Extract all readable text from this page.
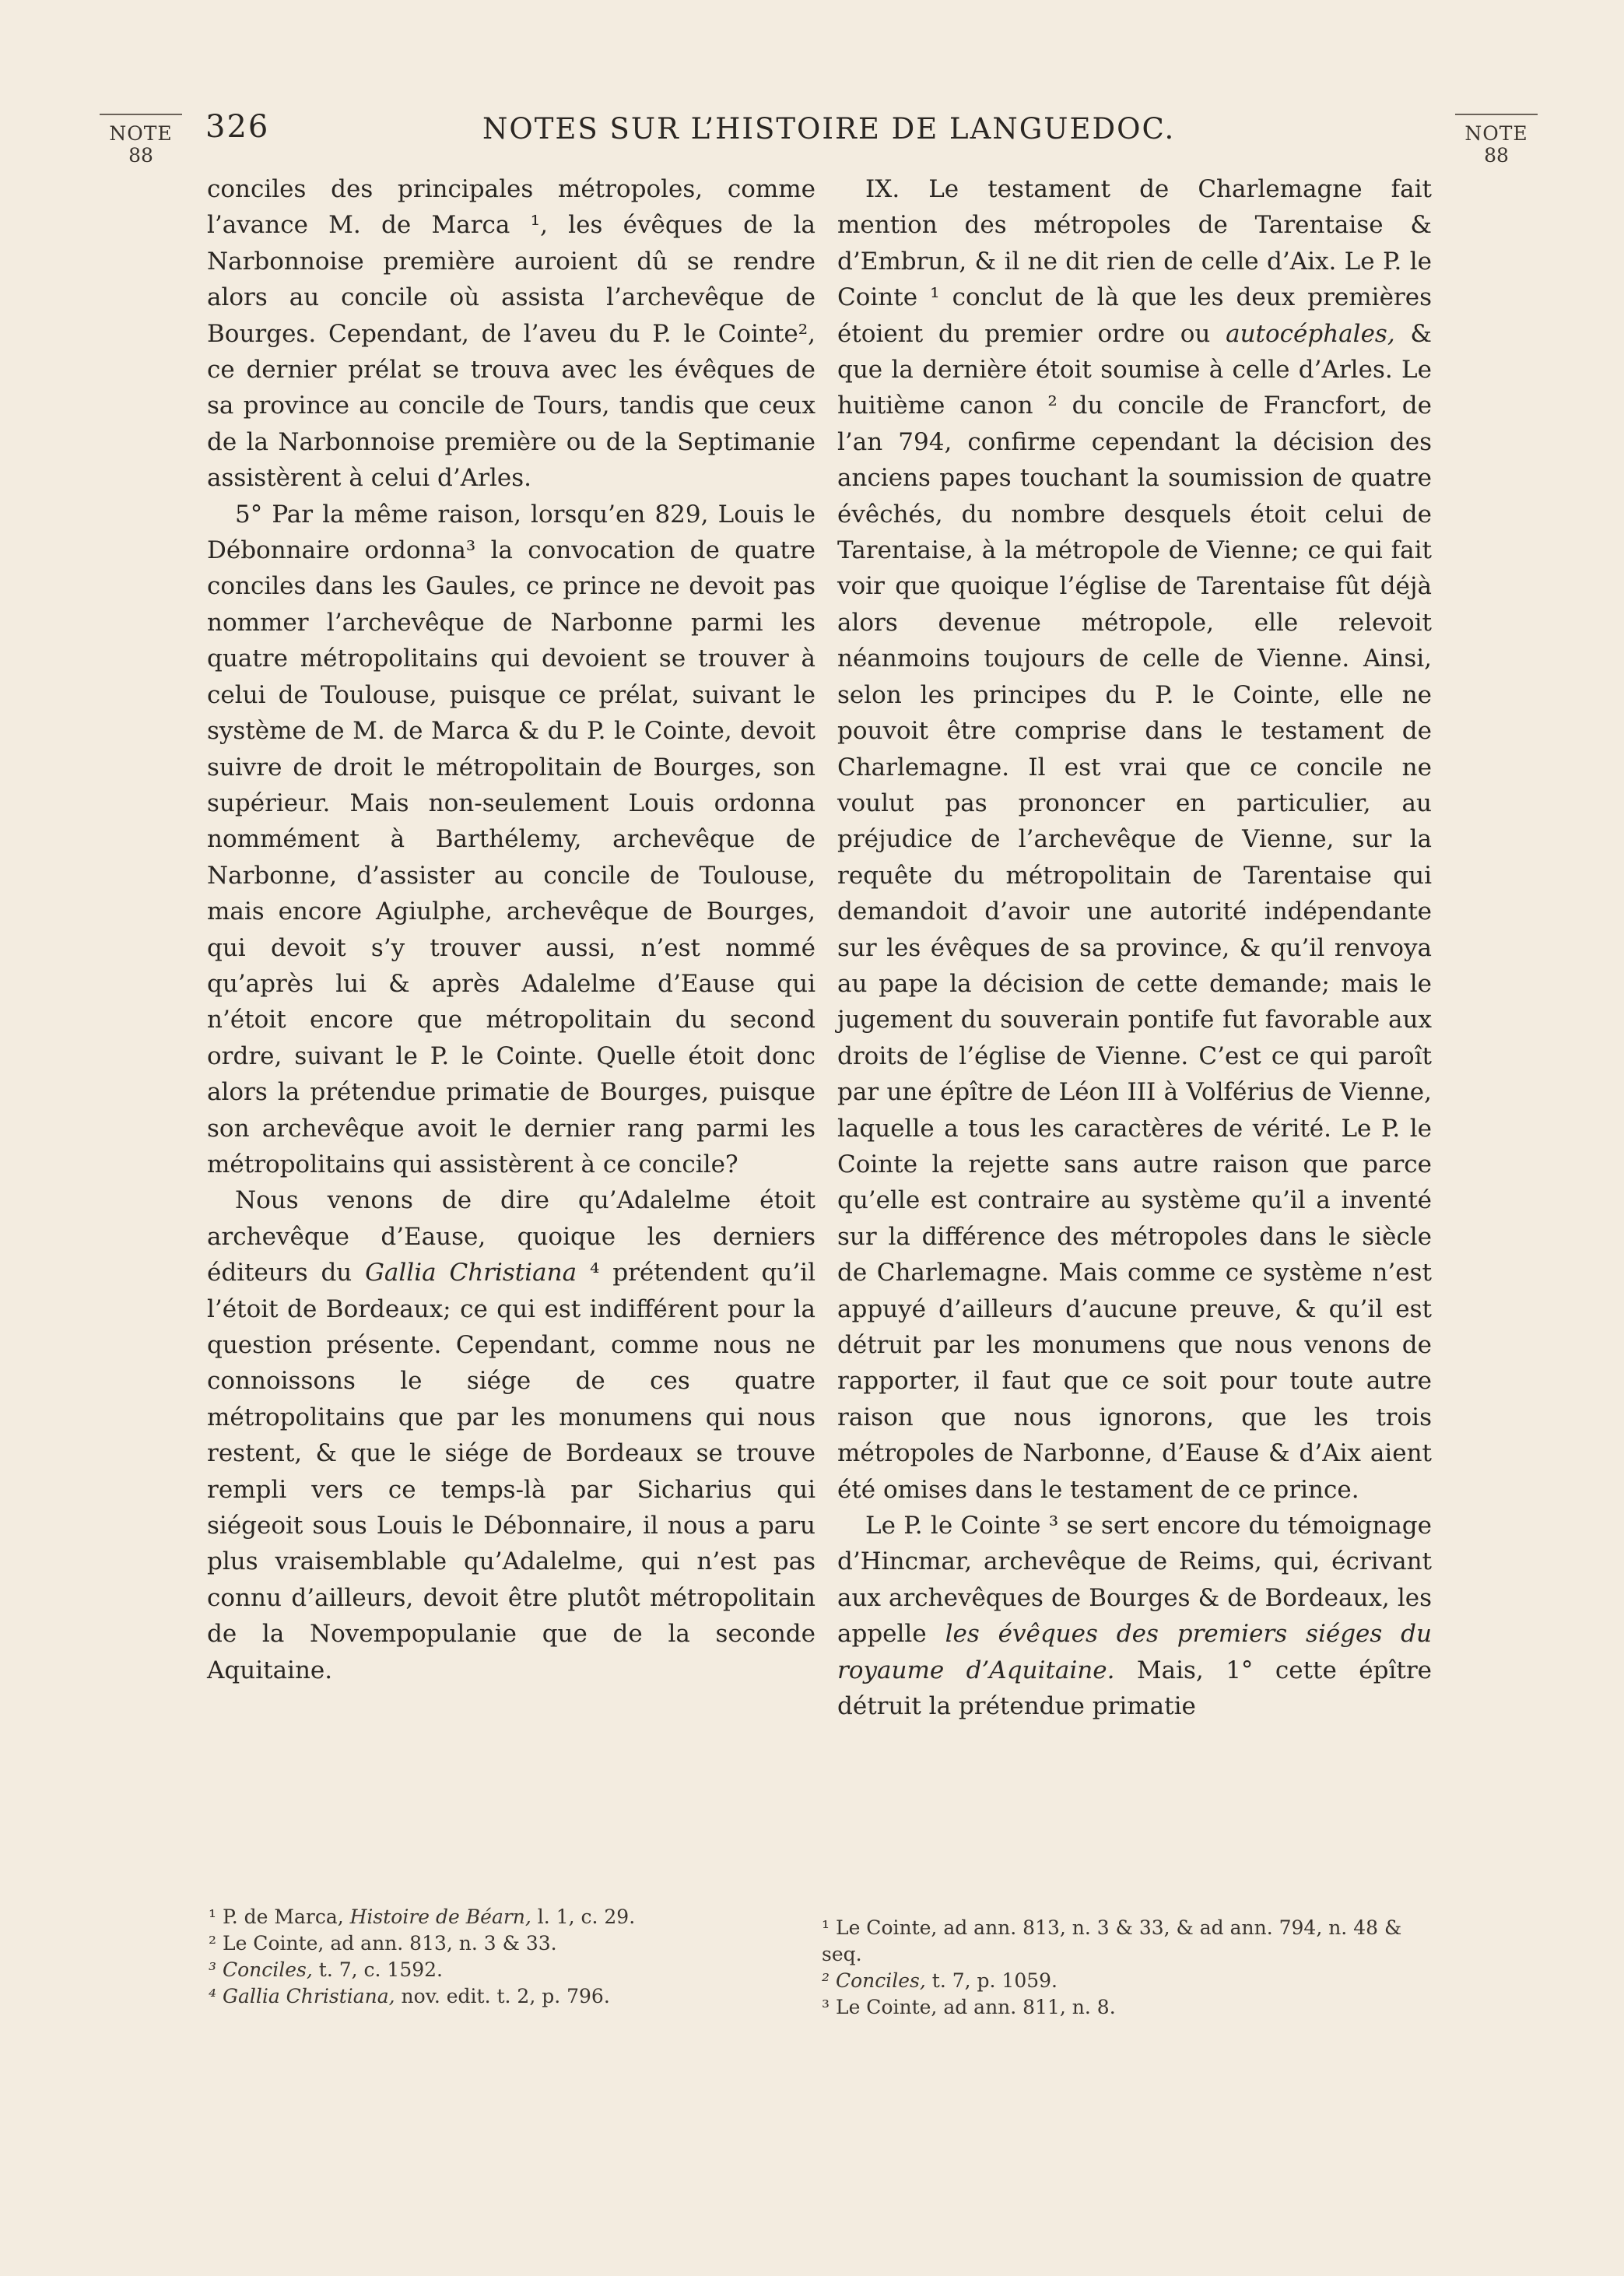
NOTE
88
NOTE
88
326	NOTES SUR L’HISTOIRE DE LANGUEDOC.

conciles des principales métropoles, comme l’avance M. de Marca ¹, les évêques de la Narbonnoise première auroient dû se rendre alors au concile où assista l’archevêque de Bourges. Cependant, de l’aveu du P. le Cointe², ce dernier prélat se trouva avec les évêques de sa province au concile de Tours, tandis que ceux de la Narbonnoise première ou de la Septimanie assistèrent à celui d’Arles.

5° Par la même raison, lorsqu’en 829, Louis le Débonnaire ordonna³ la convocation de quatre conciles dans les Gaules, ce prince ne devoit pas nommer l’archevêque de Narbonne parmi les quatre métropolitains qui devoient se trouver à celui de Toulouse, puisque ce prélat, suivant le système de M. de Marca & du P. le Cointe, devoit suivre de droit le métropolitain de Bourges, son supérieur. Mais non-seulement Louis ordonna nommément à Barthélemy, archevêque de Narbonne, d’assister au concile de Toulouse, mais encore Agiulphe, archevêque de Bourges, qui devoit s’y trouver aussi, n’est nommé qu’après lui & après Adalelme d’Eause qui n’étoit encore que métropolitain du second ordre, suivant le P. le Cointe. Quelle étoit donc alors la prétendue primatie de Bourges, puisque son archevêque avoit le dernier rang parmi les métropolitains qui assistèrent à ce concile?

Nous venons de dire qu’Adalelme étoit archevêque d’Eause, quoique les derniers éditeurs du Gallia Christiana ⁴ prétendent qu’il l’étoit de Bordeaux; ce qui est indifférent pour la question présente. Cependant, comme nous ne connoissons le siége de ces quatre métropolitains que par les monumens qui nous restent, & que le siége de Bordeaux se trouve rempli vers ce temps-là par Sicharius qui siégeoit sous Louis le Débonnaire, il nous a paru plus vraisemblable qu’Adalelme, qui n’est pas connu d’ailleurs, devoit être plutôt métropolitain de la Novempopulanie que de la seconde Aquitaine.

IX. Le testament de Charlemagne fait mention des métropoles de Tarentaise & d’Embrun, & il ne dit rien de celle d’Aix. Le P. le Cointe ¹ conclut de là que les deux premières étoient du premier ordre ou autocéphales, & que la dernière étoit soumise à celle d’Arles. Le huitième canon ² du concile de Francfort, de l’an 794, confirme cependant la décision des anciens papes touchant la soumission de quatre évêchés, du nombre desquels étoit celui de Tarentaise, à la métropole de Vienne; ce qui fait voir que quoique l’église de Tarentaise fût déjà alors devenue métropole, elle relevoit néanmoins toujours de celle de Vienne. Ainsi, selon les principes du P. le Cointe, elle ne pouvoit être comprise dans le testament de Charlemagne. Il est vrai que ce concile ne voulut pas prononcer en particulier, au préjudice de l’archevêque de Vienne, sur la requête du métropolitain de Tarentaise qui demandoit d’avoir une autorité indépendante sur les évêques de sa province, & qu’il renvoya au pape la décision de cette demande; mais le jugement du souverain pontife fut favorable aux droits de l’église de Vienne. C’est ce qui paroît par une épître de Léon III à Volférius de Vienne, laquelle a tous les caractères de vérité. Le P. le Cointe la rejette sans autre raison que parce qu’elle est contraire au système qu’il a inventé sur la différence des métropoles dans le siècle de Charlemagne. Mais comme ce système n’est appuyé d’ailleurs d’aucune preuve, & qu’il est détruit par les monumens que nous venons de rapporter, il faut que ce soit pour toute autre raison que nous ignorons, que les trois métropoles de Narbonne, d’Eause & d’Aix aient été omises dans le testament de ce prince.

Le P. le Cointe ³ se sert encore du témoignage d’Hincmar, archevêque de Reims, qui, écrivant aux archevêques de Bourges & de Bordeaux, les appelle les évêques des premiers siéges du royaume d’Aquitaine. Mais, 1° cette épître détruit la prétendue primatie

¹ P. de Marca, Histoire de Béarn, l. 1, c. 29.
² Le Cointe, ad ann. 813, n. 3 & 33.
³ Conciles, t. 7, c. 1592.
⁴ Gallia Christiana, nov. edit. t. 2, p. 796.
¹ Le Cointe, ad ann. 813, n. 3 & 33, & ad ann. 794, n. 48 & seq.
² Conciles, t. 7, p. 1059.
³ Le Cointe, ad ann. 811, n. 8.
